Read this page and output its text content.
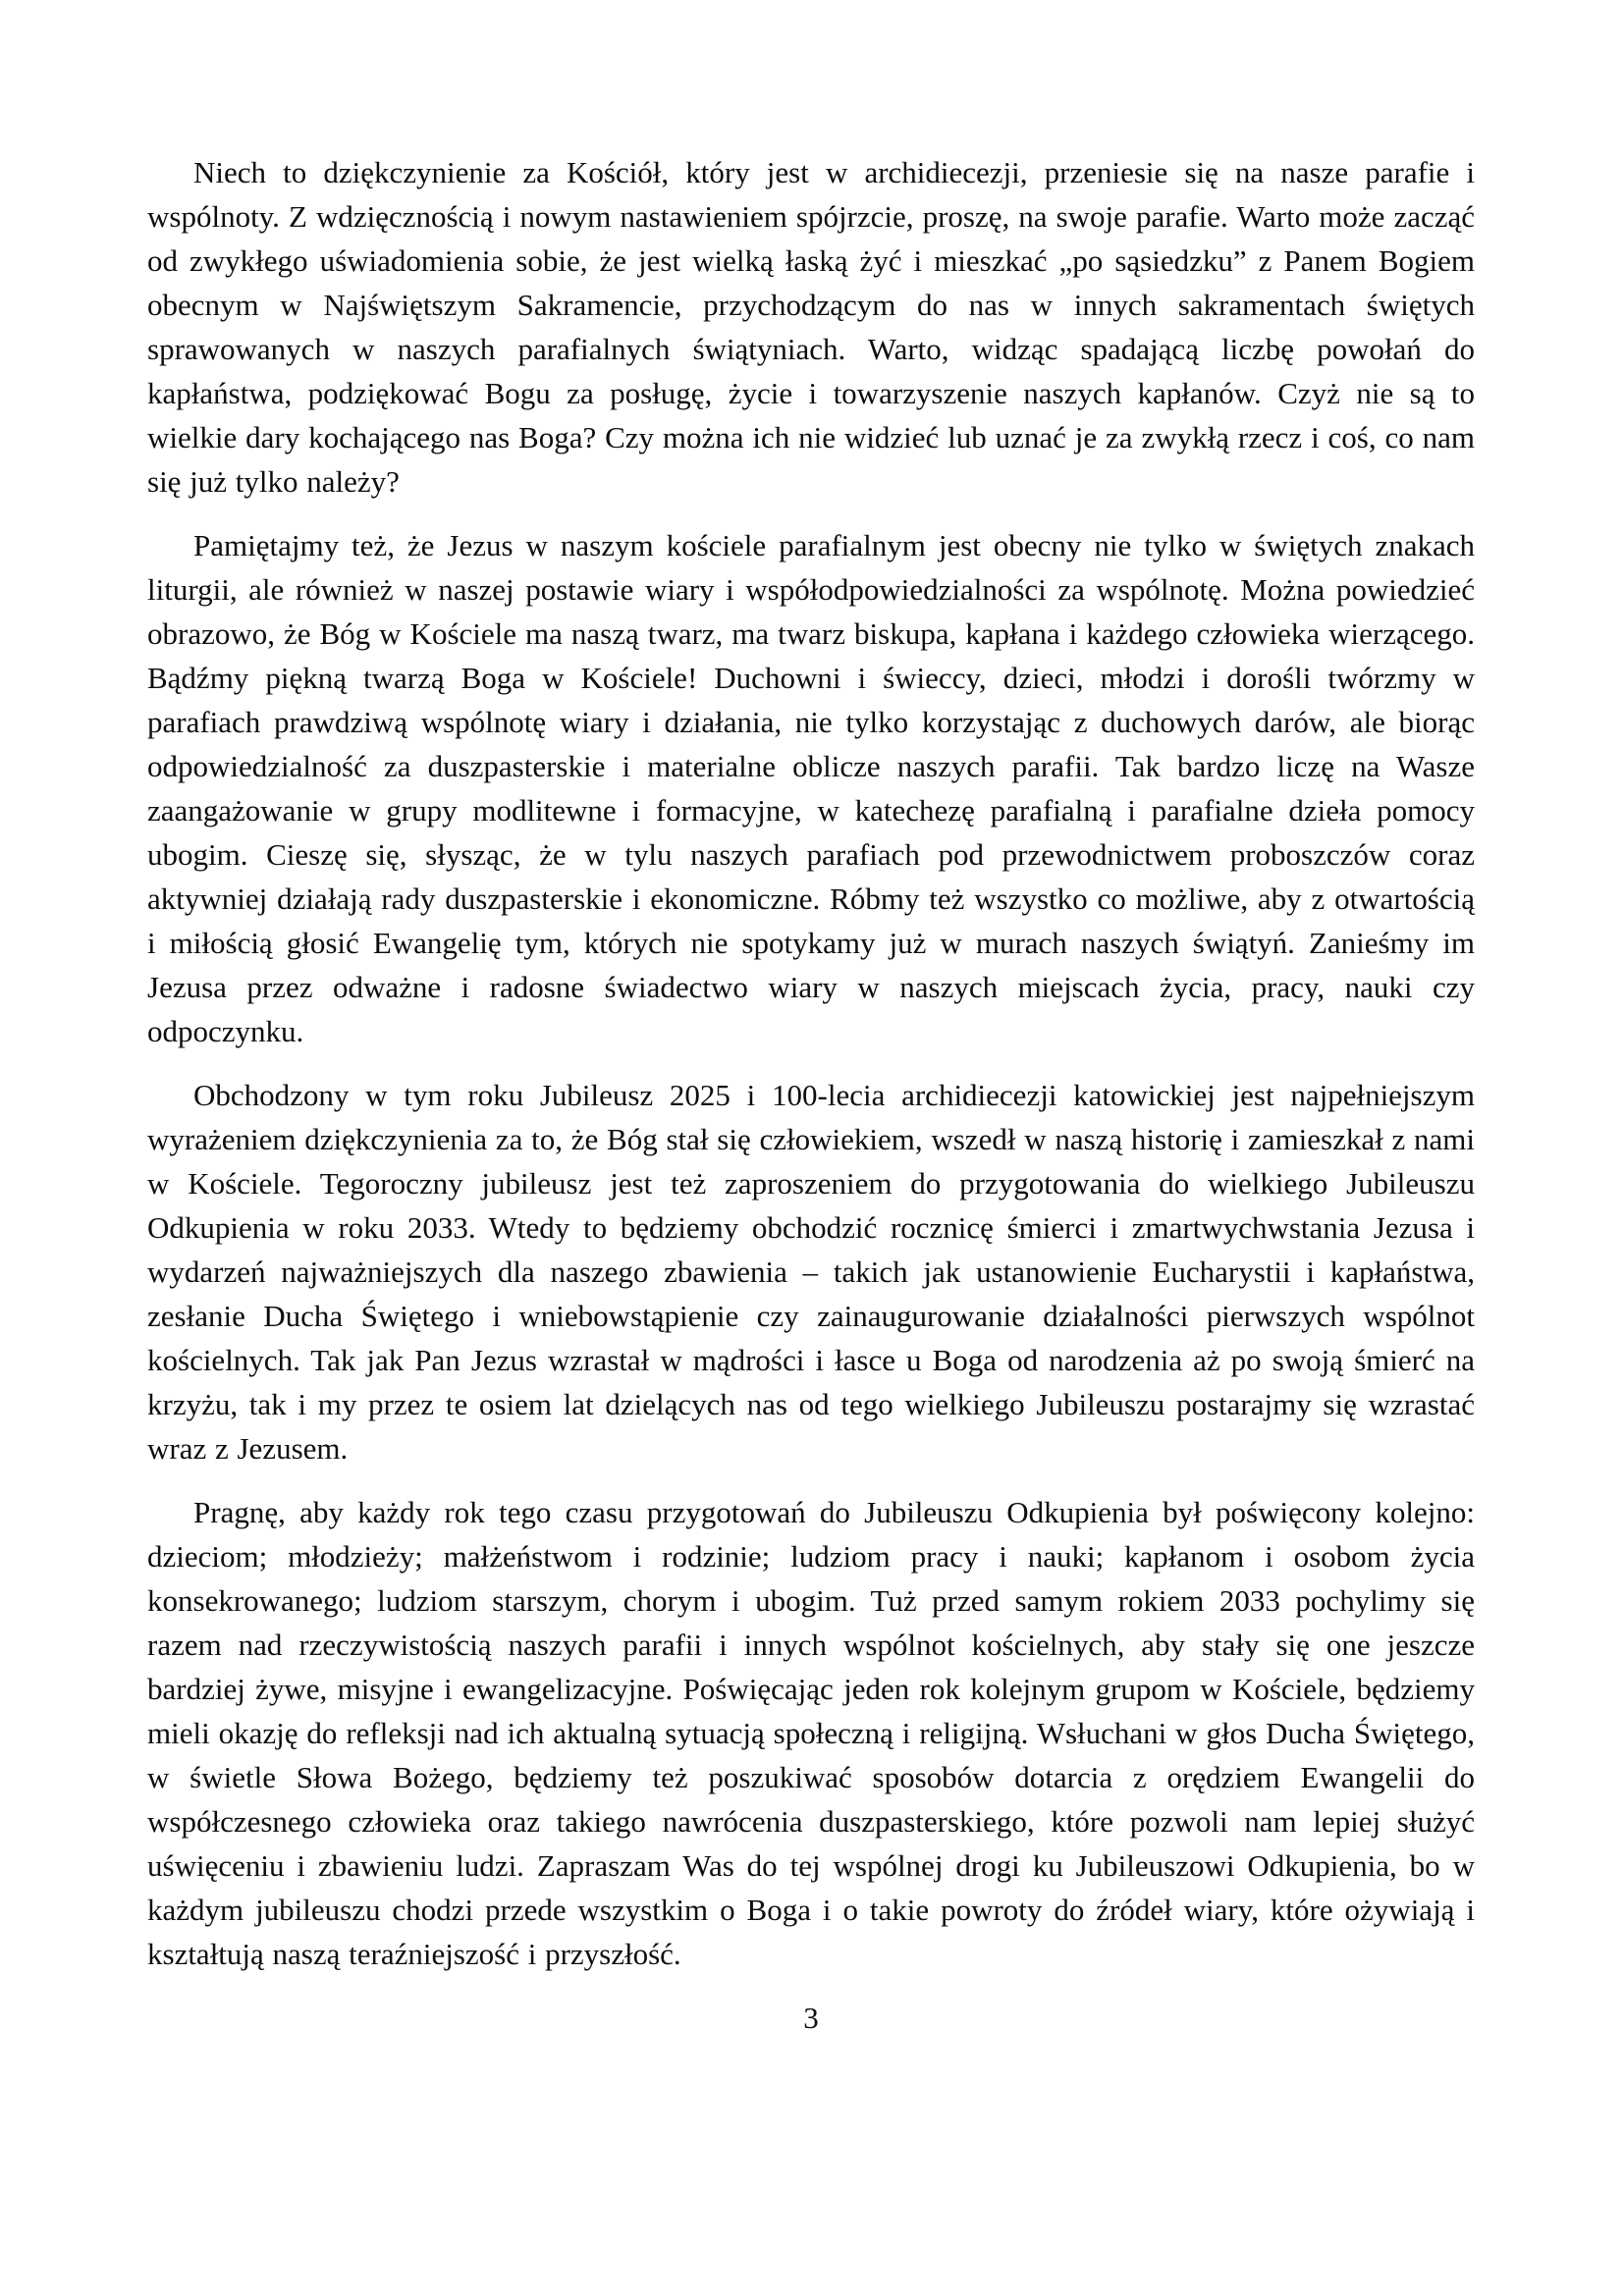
Niech to dziękczynienie za Kościół, który jest w archidiecezji, przeniesie się na nasze parafie i wspólnoty. Z wdzięcznością i nowym nastawieniem spójrzcie, proszę, na swoje parafie. Warto może zacząć od zwykłego uświadomienia sobie, że jest wielką łaską żyć i mieszkać „po sąsiedzku” z Panem Bogiem obecnym w Najświętszym Sakramencie, przychodzącym do nas w innych sakramentach świętych sprawowanych w naszych parafialnych świątyniach. Warto, widząc spadającą liczbę powołań do kapłaństwa, podziękować Bogu za posługę, życie i towarzyszenie naszych kapłanów. Czyż nie są to wielkie dary kochającego nas Boga? Czy można ich nie widzieć lub uznać je za zwykłą rzecz i coś, co nam się już tylko należy?

Pamiętajmy też, że Jezus w naszym kościele parafialnym jest obecny nie tylko w świętych znakach liturgii, ale również w naszej postawie wiary i współodpowiedzialności za wspólnotę. Można powiedzieć obrazowo, że Bóg w Kościele ma naszą twarz, ma twarz biskupa, kapłana i każdego człowieka wierzącego. Bądźmy piękną twarzą Boga w Kościele! Duchowni i świeccy, dzieci, młodzi i dorośli twórzmy w parafiach prawdziwą wspólnotę wiary i działania, nie tylko korzystając z duchowych darów, ale biorąc odpowiedzialność za duszpasterskie i materialne oblicze naszych parafii. Tak bardzo liczę na Wasze zaangażowanie w grupy modlitewne i formacyjne, w katechezę parafialną i parafialne dzieła pomocy ubogim. Cieszę się, słysząc, że w tylu naszych parafiach pod przewodnictwem proboszczów coraz aktywniej działają rady duszpasterskie i ekonomiczne. Róbmy też wszystko co możliwe, aby z otwartością i miłością głosić Ewangelię tym, których nie spotykamy już w murach naszych świątyń. Zanieśmy im Jezusa przez odważne i radosne świadectwo wiary w naszych miejscach życia, pracy, nauki czy odpoczynku.

Obchodzony w tym roku Jubileusz 2025 i 100-lecia archidiecezji katowickiej jest najpełniejszym wyrażeniem dziękczynienia za to, że Bóg stał się człowiekiem, wszedł w naszą historię i zamieszkał z nami w Kościele. Tegoroczny jubileusz jest też zaproszeniem do przygotowania do wielkiego Jubileuszu Odkupienia w roku 2033. Wtedy to będziemy obchodzić rocznicę śmierci i zmartwychwstania Jezusa i wydarzeń najważniejszych dla naszego zbawienia – takich jak ustanowienie Eucharystii i kapłaństwa, zesłanie Ducha Świętego i wniebowstąpienie czy zainaugurowanie działalności pierwszych wspólnot kościelnych. Tak jak Pan Jezus wzrastał w mądrości i łasce u Boga od narodzenia aż po swoją śmierć na krzyżu, tak i my przez te osiem lat dzielących nas od tego wielkiego Jubileuszu postarajmy się wzrastać wraz z Jezusem.

Pragnę, aby każdy rok tego czasu przygotowań do Jubileuszu Odkupienia był poświęcony kolejno: dzieciom; młodzieży; małżeństwom i rodzinie; ludziom pracy i nauki; kapłanom i osobom życia konsekrowanego; ludziom starszym, chorym i ubogim. Tuż przed samym rokiem 2033 pochylimy się razem nad rzeczywistością naszych parafii i innych wspólnot kościelnych, aby stały się one jeszcze bardziej żywe, misyjne i ewangelizacyjne. Poświęcając jeden rok kolejnym grupom w Kościele, będziemy mieli okazję do refleksji nad ich aktualną sytuacją społeczną i religijną. Wsłuchani w głos Ducha Świętego, w świetle Słowa Bożego, będziemy też poszukiwać sposobów dotarcia z orędziem Ewangelii do współczesnego człowieka oraz takiego nawrócenia duszpasterskiego, które pozwoli nam lepiej służyć uświęceniu i zbawieniu ludzi. Zapraszam Was do tej wspólnej drogi ku Jubileuszowi Odkupienia, bo w każdym jubileuszu chodzi przede wszystkim o Boga i o takie powroty do źródeł wiary, które ożywiają i kształtują naszą teraźniejszość i przyszłość.

3
